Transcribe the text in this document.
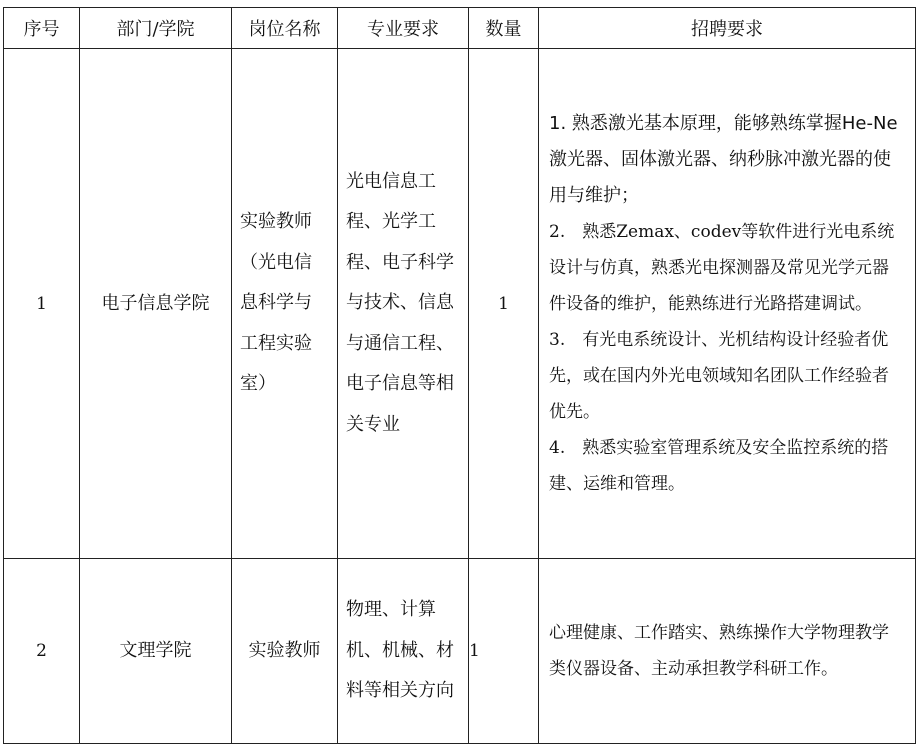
序号	部门/学院	岗位名称	专业要求	数量	招聘要求
1	电子信息学院	实验教师（光电信息科学与工程实验室）	光电信息工程、光学工程、电子科学与技术、信息与通信工程、电子信息等相关专业	1	1. 熟悉激光基本原理，能够熟练掌握He-Ne激光器、固体激光器、纳秒脉冲激光器的使用与维护；
2.　熟悉Zemax、codev等软件进行光电系统设计与仿真，熟悉光电探测器及常见光学元器件设备的维护，能熟练进行光路搭建调试。
3.　有光电系统设计、光机结构设计经验者优先，或在国内外光电领域知名团队工作经验者优先。
4.　熟悉实验室管理系统及安全监控系统的搭建、运维和管理。

2	文理学院	实验教师	物理、计算机、机械、材料等相关方向	1	心理健康、工作踏实、熟练操作大学物理教学类仪器设备、主动承担教学科研工作。
